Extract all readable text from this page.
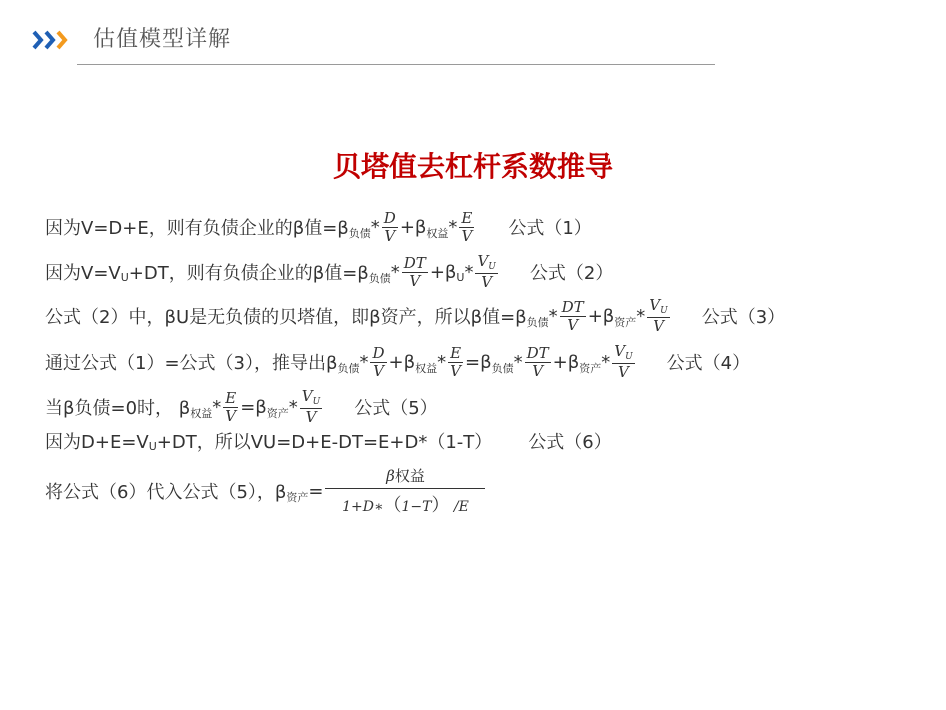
估值模型详解
贝塔值去杠杆系数推导
因为V=D+E，则有负债企业的β值=β 负债 * $\frac{D}{V} +\beta$ 权益 * $\frac{E}{V}$ 公式（1）
因为V=V U +DT，则有负债企业的β值=β 负债 * $\frac{DT}{V} +\beta$ U * $\frac{V_U}{V}$ 公式（2）
公式（2）中，βU是无负债的贝塔值，即β资产，所以β值=β 负债 * $\frac{DT}{V} +\beta$ 资产 * $\frac{V_U}{V}$ 公式（3）
通过公式（1）=公式（3），推导出β 负债 * $\frac{D}{V} +\beta$ 权益 * $\frac{E}{V} =\beta$ 负债 * $\frac{DT}{V} +\beta$ 资产 * $\frac{V_U}{V}$ 公式（4）
当β负债=0时， β 权益 * $\frac{E}{V} =\beta$ 资产 * $\frac{V_U}{V}$ 公式（5）
因为D+E=V U +DT，所以VU=D+E-DT=E+D*（1-T） 公式（6）
将公式（6）代入公式（5），β 资产 = $\frac{\text{β权益}}{1+D∗(1-T) /E}$
